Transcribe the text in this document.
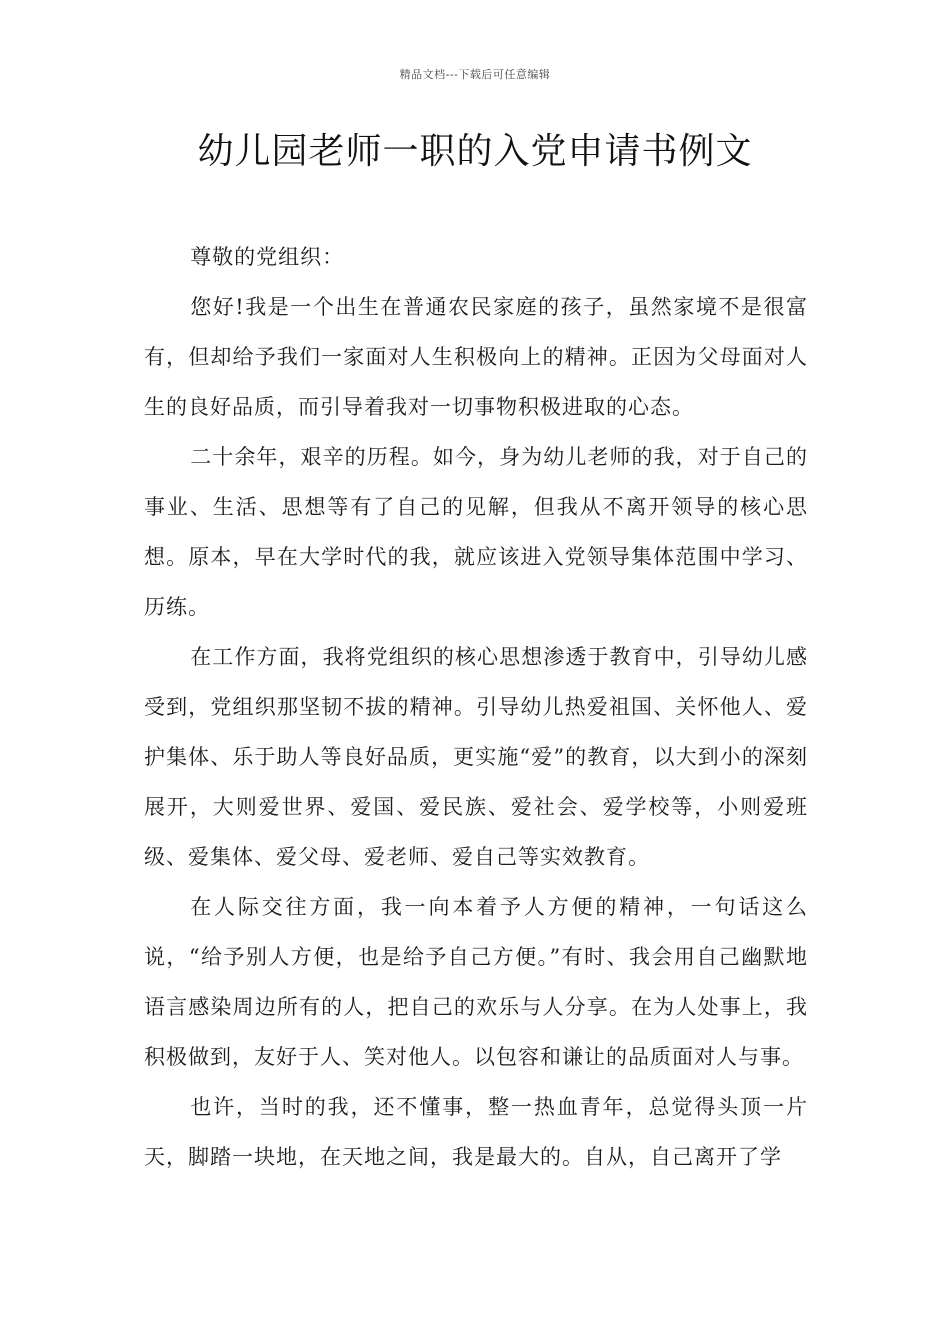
精品文档---下载后可任意编辑
幼儿园老师一职的入党申请书例文

尊敬的党组织：

您好!我是一个出生在普通农民家庭的孩子，虽然家境不是很富有，但却给予我们一家面对人生积极向上的精神。正因为父母面对人生的良好品质，而引导着我对一切事物积极进取的心态。

二十余年，艰辛的历程。如今，身为幼儿老师的我，对于自己的事业、生活、思想等有了自己的见解，但我从不离开领导的核心思想。原本，早在大学时代的我，就应该进入党领导集体范围中学习、历练。

在工作方面，我将党组织的核心思想渗透于教育中，引导幼儿感受到，党组织那坚韧不拔的精神。引导幼儿热爱祖国、关怀他人、爱护集体、乐于助人等良好品质，更实施“爱”的教育，以大到小的深刻展开，大则爱世界、爱国、爱民族、爱社会、爱学校等，小则爱班级、爱集体、爱父母、爱老师、爱自己等实效教育。

在人际交往方面，我一向本着予人方便的精神，一句话这么说，“给予别人方便，也是给予自己方便。”有时、我会用自己幽默地语言感染周边所有的人，把自己的欢乐与人分享。在为人处事上，我积极做到，友好于人、笑对他人。以包容和谦让的品质面对人与事。

也许，当时的我，还不懂事，整一热血青年，总觉得头顶一片天，脚踏一块地，在天地之间，我是最大的。自从，自己离开了学
